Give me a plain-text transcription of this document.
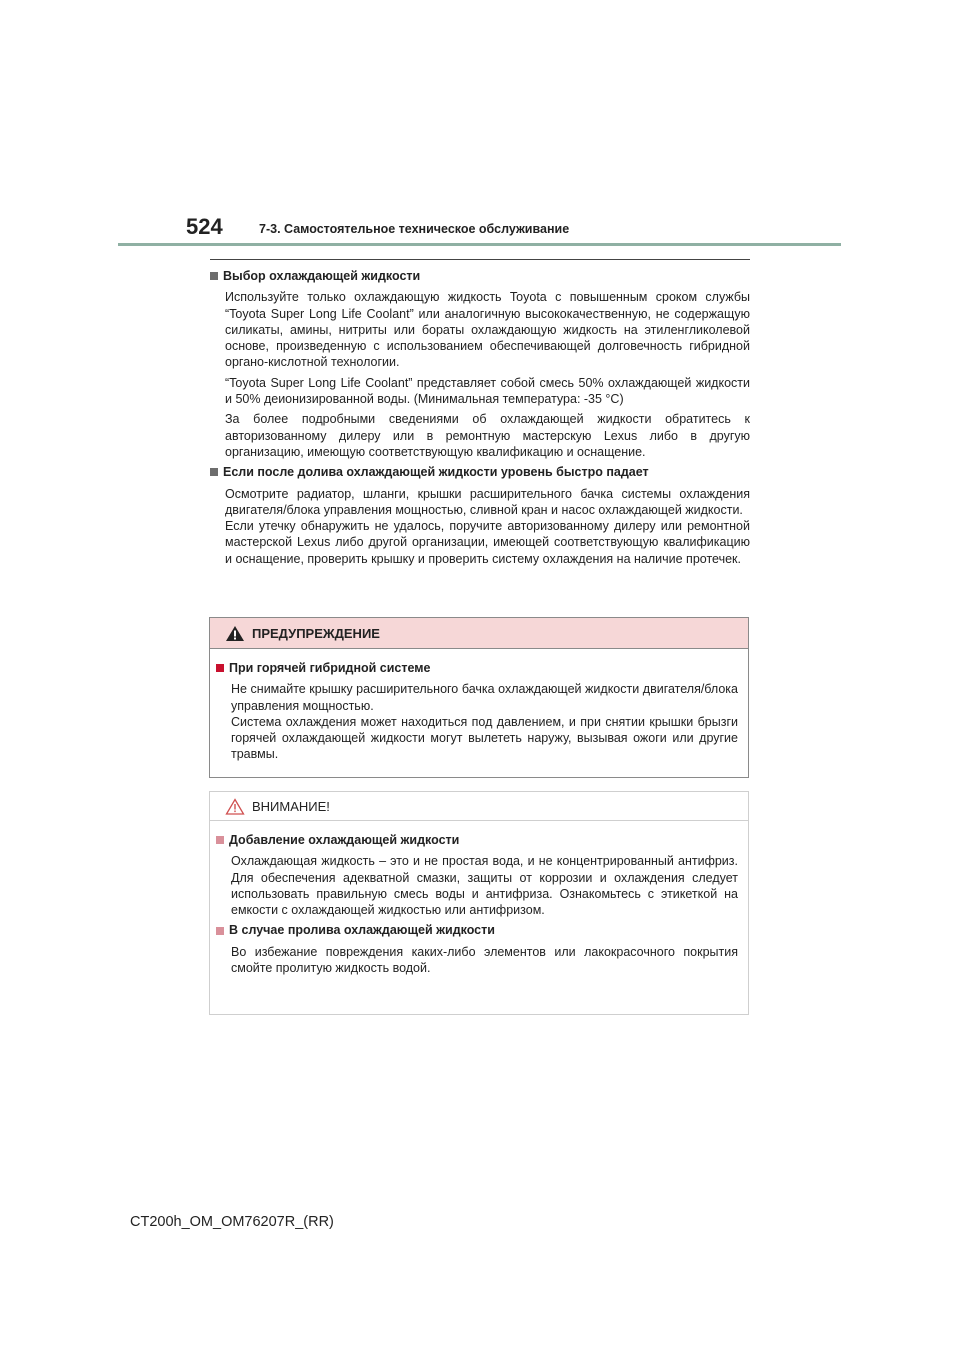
524	7-3. Самостоятельное техническое обслуживание
Выбор охлаждающей жидкости

Используйте только охлаждающую жидкость Toyota с повышенным сроком службы “Toyota Super Long Life Coolant” или аналогичную высококачественную, не содержащую силикаты, амины, нитриты или бораты охлаждающую жидкость на этиленгликолевой основе, произведенную с использованием обеспечивающей долговечность гибридной органо-кислотной технологии.

“Toyota Super Long Life Coolant” представляет собой смесь 50% охлаждающей жидкости и 50% деионизированной воды. (Минимальная температура: -35 °C)

За более подробными сведениями об охлаждающей жидкости обратитесь к авторизованному дилеру или в ремонтную мастерскую Lexus либо в другую организацию, имеющую соответствующую квалификацию и оснащение.

Если после долива охлаждающей жидкости уровень быстро падает

Осмотрите радиатор, шланги, крышки расширительного бачка системы охлаждения двигателя/блока управления мощностью, сливной кран и насос охлаждающей жидкости.

Если утечку обнаружить не удалось, поручите авторизованному дилеру или ремонтной мастерской Lexus либо другой организации, имеющей соответствующую квалификацию и оснащение, проверить крышку и проверить систему охлаждения на наличие протечек.

ПРЕДУПРЕЖДЕНИЕ
При горячей гибридной системе

Не снимайте крышку расширительного бачка охлаждающей жидкости двигателя/блока управления мощностью.

Система охлаждения может находиться под давлением, и при снятии крышки брызги горячей охлаждающей жидкости могут вылететь наружу, вызывая ожоги или другие травмы.

ВНИМАНИЕ!
Добавление охлаждающей жидкости

Охлаждающая жидкость – это и не простая вода, и не концентрированный антифриз. Для обеспечения адекватной смазки, защиты от коррозии и охлаждения следует использовать правильную смесь воды и антифриза. Ознакомьтесь с этикеткой на емкости с охлаждающей жидкостью или антифризом.

В случае пролива охлаждающей жидкости

Во избежание повреждения каких-либо элементов или лакокрасочного покрытия смойте пролитую жидкость водой.

CT200h_OM_OM76207R_(RR)
